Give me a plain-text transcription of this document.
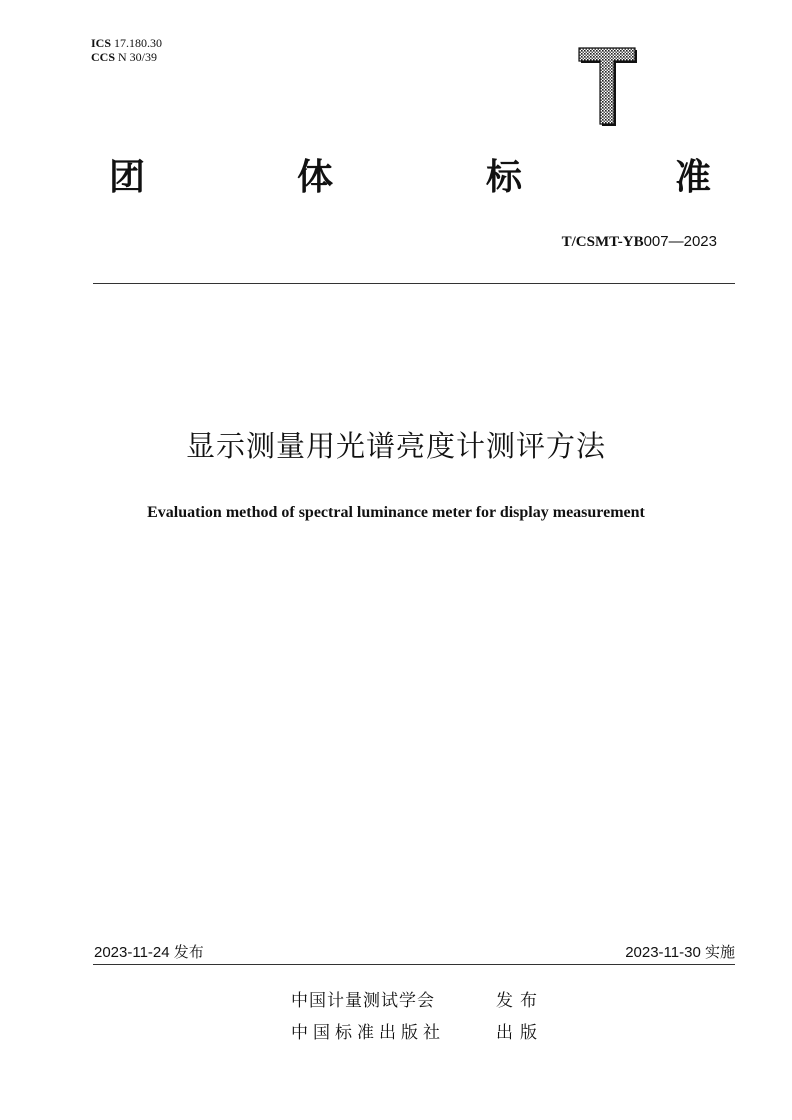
ICS 17.180.30
CCS N 30/39
团	体	标	准
T/CSMT-YB007—2023
显示测量用光谱亮度计测评方法
Evaluation method of spectral luminance meter for display measurement
2023-11-24 发布	2023-11-30 实施
中国计量测试学会	发布
中国标准出版社	出版
